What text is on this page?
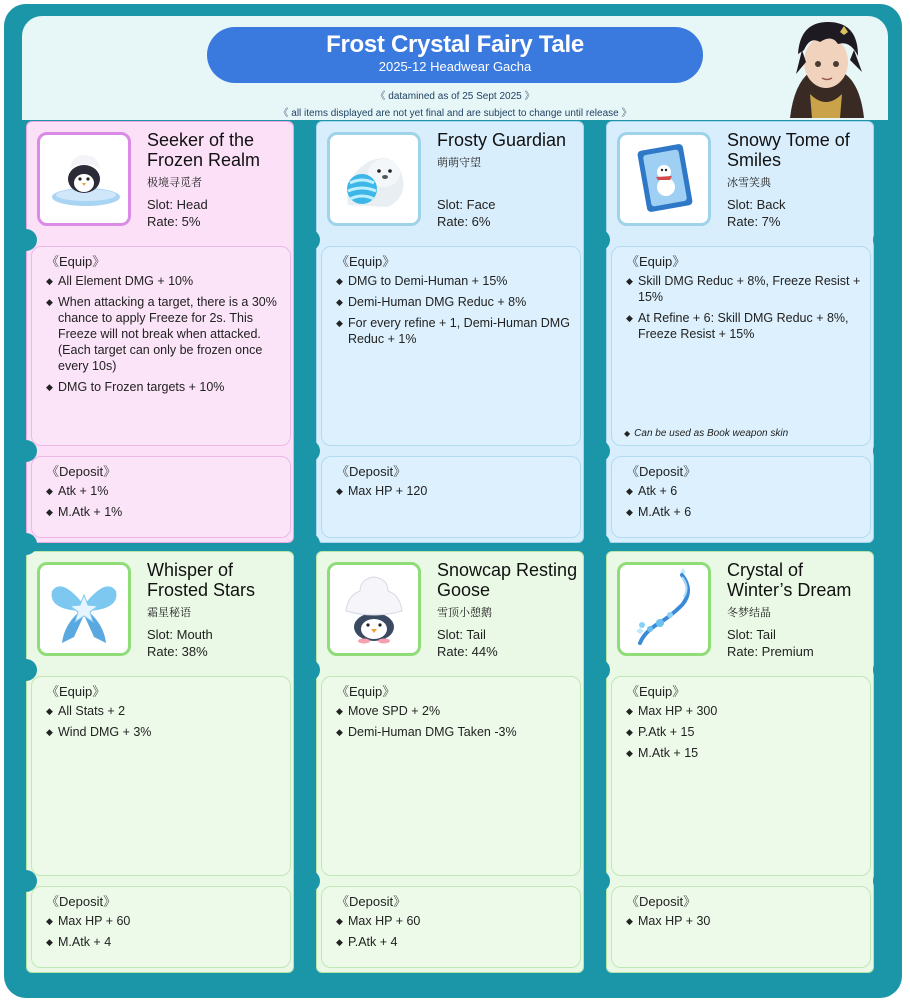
Frost Crystal Fairy Tale
2025-12 Headwear Gacha
《 datamined as of 25 Sept 2025 》
《 all items displayed are not yet final and are subject to change until release 》
Seeker of the Frozen Realm
极境寻觅者
Slot: Head
Rate: 5%
《Equip》
◆ All Element DMG + 10%
◆ When attacking a target, there is a 30% chance to apply Freeze for 2s. This Freeze will not break when attacked. (Each target can only be frozen once every 10s)
◆ DMG to Frozen targets + 10%
《Deposit》
◆ Atk + 1%
◆ M.Atk + 1%
Frosty Guardian
萌萌守望
Slot: Face
Rate: 6%
《Equip》
◆ DMG to Demi-Human + 15%
◆ Demi-Human DMG Reduc + 8%
◆ For every refine + 1, Demi-Human DMG Reduc + 1%
《Deposit》
◆ Max HP + 120
Snowy Tome of Smiles
冰雪笑典
Slot: Back
Rate: 7%
《Equip》
◆ Skill DMG Reduc + 8%, Freeze Resist + 15%
◆ At Refine + 6: Skill DMG Reduc + 8%, Freeze Resist + 15%
◆ Can be used as Book weapon skin
《Deposit》
◆ Atk + 6
◆ M.Atk + 6
Whisper of Frosted Stars
霜星秘语
Slot: Mouth
Rate: 38%
《Equip》
◆ All Stats + 2
◆ Wind DMG + 3%
《Deposit》
◆ Max HP + 60
◆ M.Atk + 4
Snowcap Resting Goose
雪顶小憩鹅
Slot: Tail
Rate: 44%
《Equip》
◆ Move SPD + 2%
◆ Demi-Human DMG Taken -3%
《Deposit》
◆ Max HP + 60
◆ P.Atk + 4
Crystal of Winter’s Dream
冬梦结晶
Slot: Tail
Rate: Premium
《Equip》
◆ Max HP + 300
◆ P.Atk + 15
◆ M.Atk + 15
《Deposit》
◆ Max HP + 30
